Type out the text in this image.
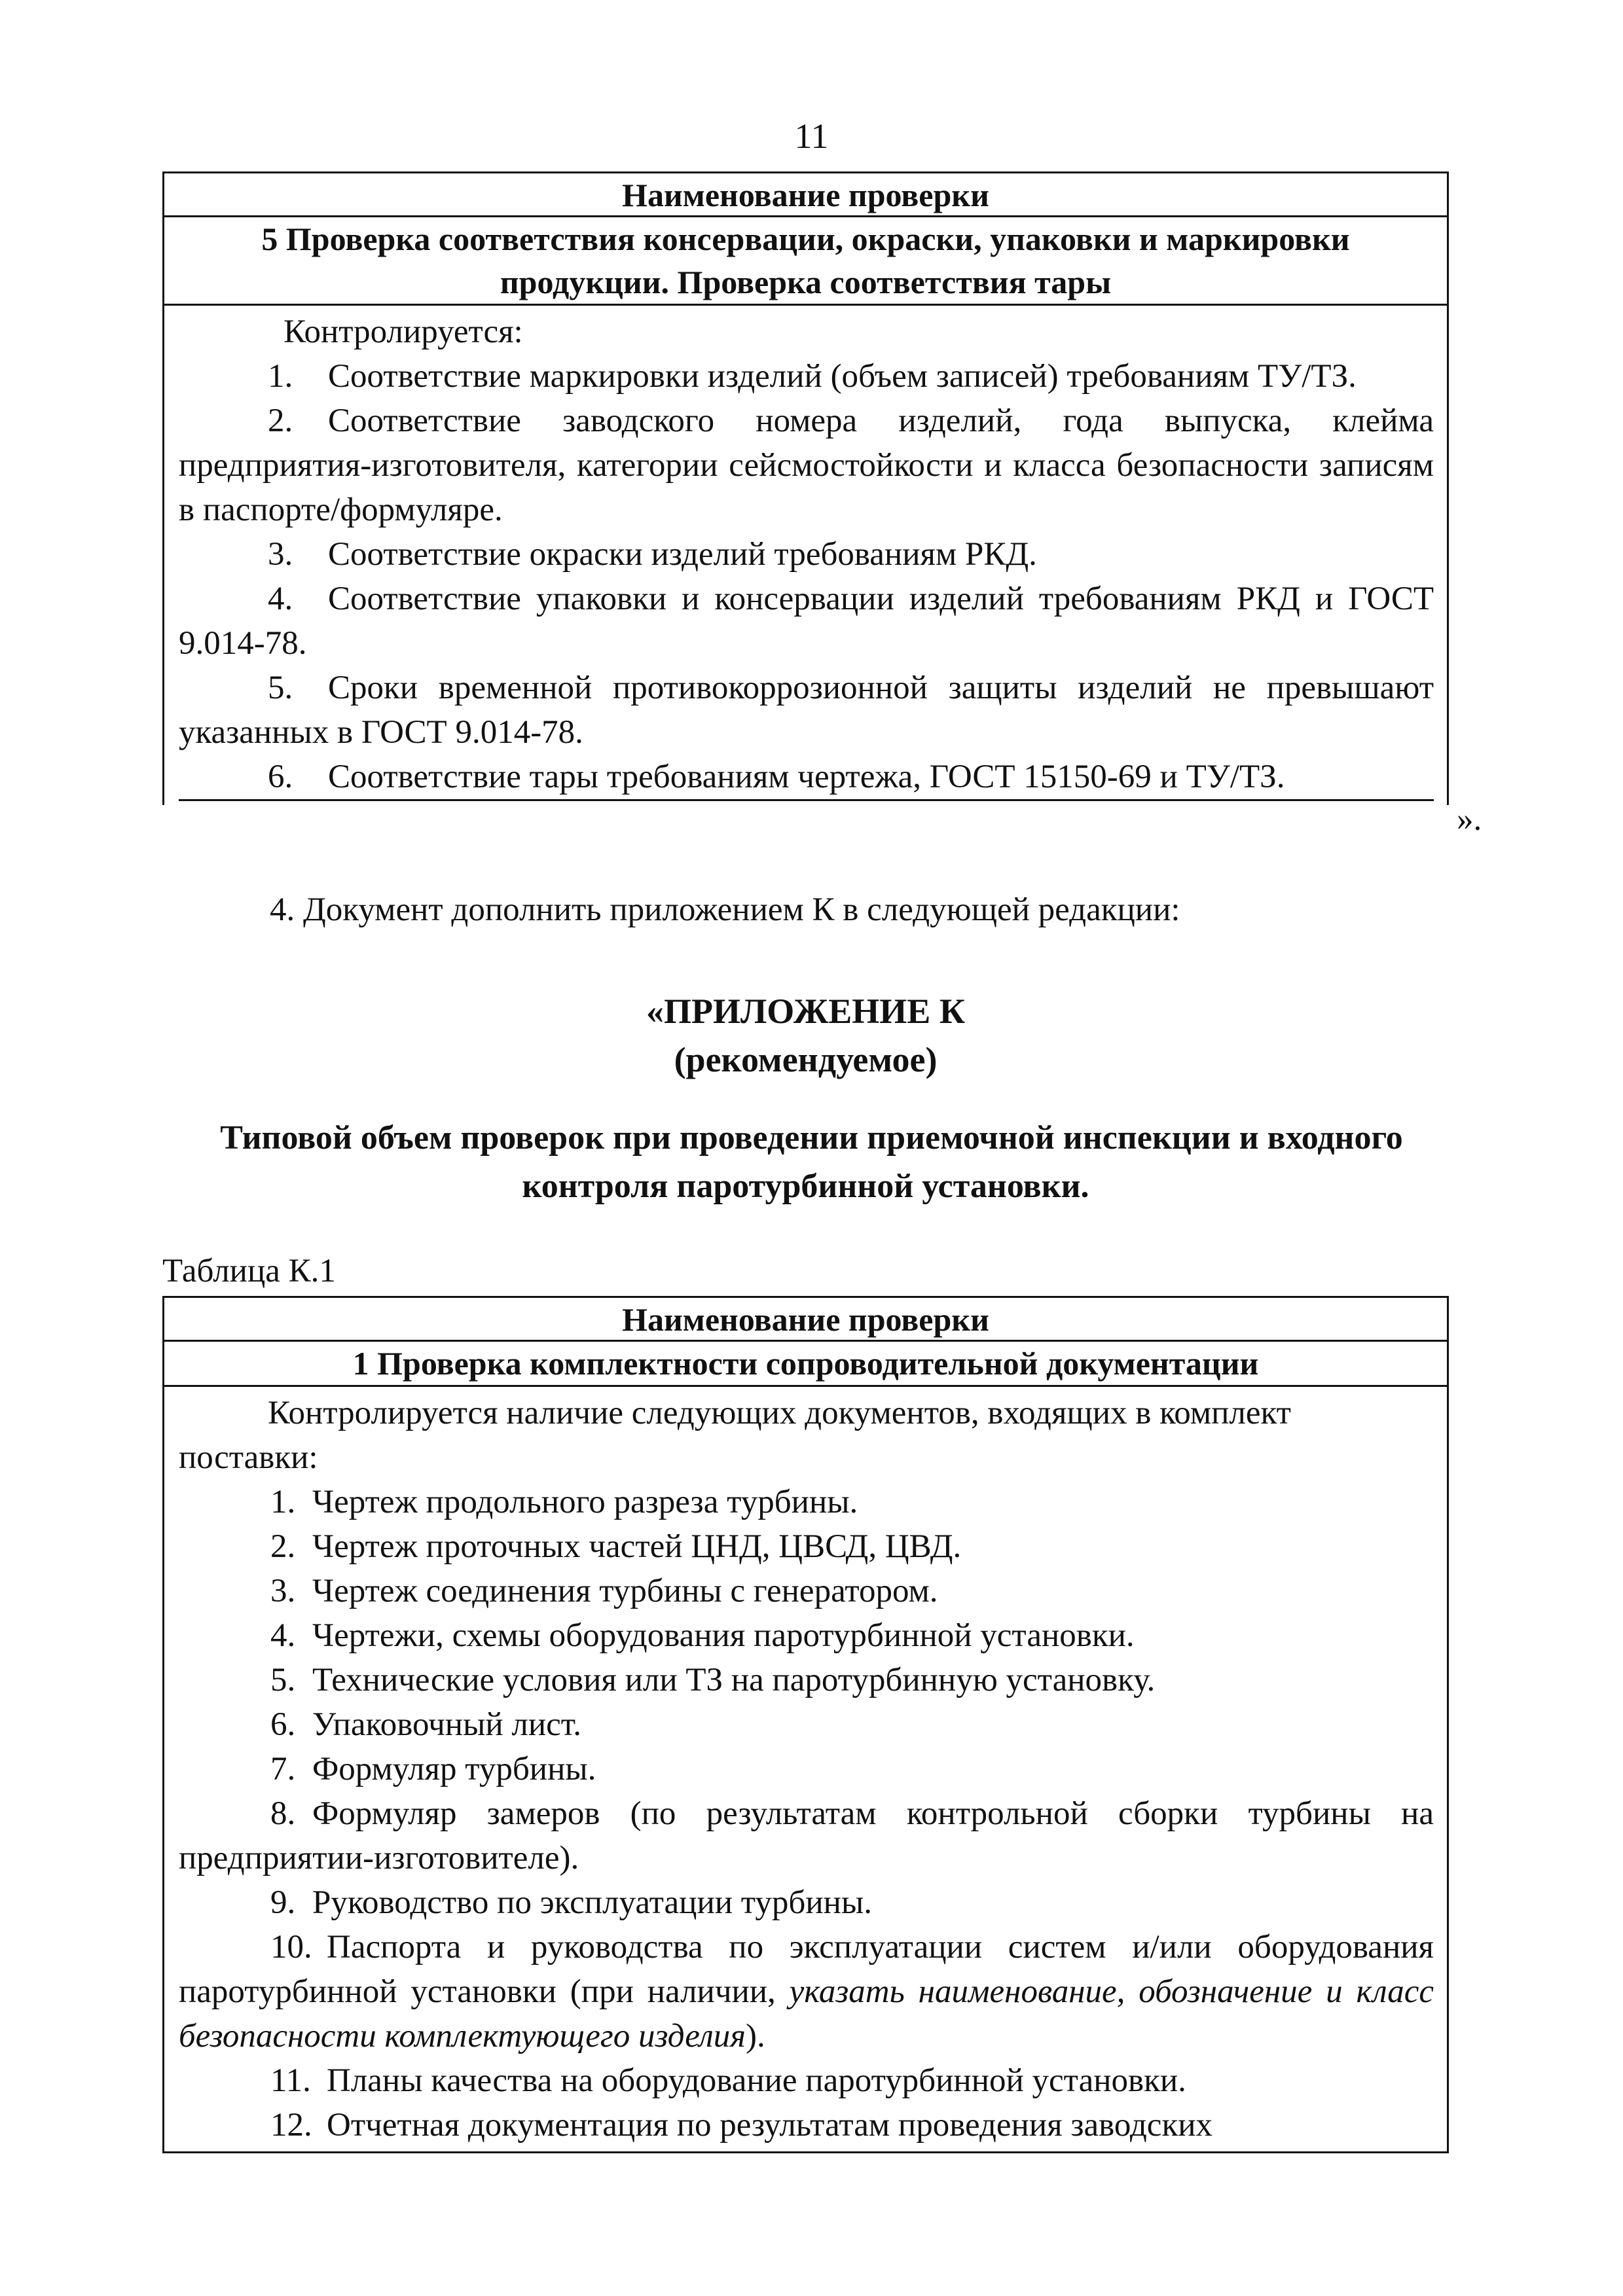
11
Наименование проверки
5 Проверка соответствия консервации, окраски, упаковки и маркировки продукции. Проверка соответствия тары
Контролируется:
1. Соответствие маркировки изделий (объем записей) требованиям ТУ/ТЗ.
2. Соответствие заводского номера изделий, года выпуска, клейма предприятия-изготовителя, категории сейсмостойкости и класса безопасности записям в паспорте/формуляре.
3. Соответствие окраски изделий требованиям РКД.
4. Соответствие упаковки и консервации изделий требованиям РКД и ГОСТ 9.014-78.
5. Сроки временной противокоррозионной защиты изделий не превышают указанных в ГОСТ 9.014-78.
6. Соответствие тары требованиям чертежа, ГОСТ 15150-69 и ТУ/ТЗ.
».
4. Документ дополнить приложением К в следующей редакции:
«ПРИЛОЖЕНИЕ К
(рекомендуемое)
Типовой объем проверок при проведении приемочной инспекции и входного
контроля паротурбинной установки.
Таблица К.1
Наименование проверки
1 Проверка комплектности сопроводительной документации
Контролируется наличие следующих документов, входящих в комплект поставки:
1. Чертеж продольного разреза турбины.
2. Чертеж проточных частей ЦНД, ЦВСД, ЦВД.
3. Чертеж соединения турбины с генератором.
4. Чертежи, схемы оборудования паротурбинной установки.
5. Технические условия или ТЗ на паротурбинную установку.
6. Упаковочный лист.
7. Формуляр турбины.
8. Формуляр замеров (по результатам контрольной сборки турбины на предприятии-изготовителе).
9. Руководство по эксплуатации турбины.
10. Паспорта и руководства по эксплуатации систем и/или оборудования паротурбинной установки (при наличии, указать наименование, обозначение и класс безопасности комплектующего изделия).
11. Планы качества на оборудование паротурбинной установки.
12. Отчетная документация по результатам проведения заводских
